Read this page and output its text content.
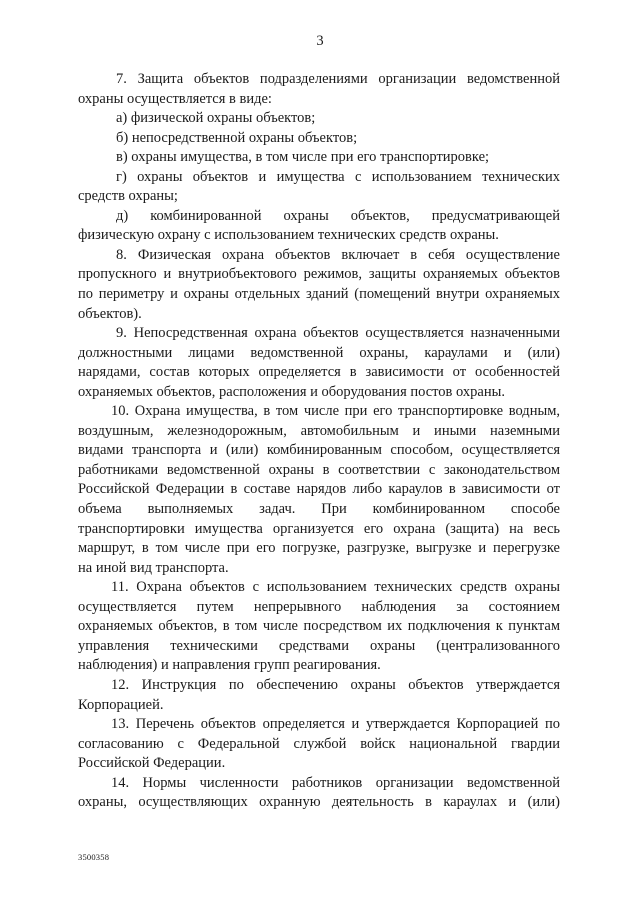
3
7. Защита объектов подразделениями организации ведомственной
охраны осуществляется в виде:
а) физической охраны объектов;
б) непосредственной охраны объектов;
в) охраны имущества, в том числе при его транспортировке;
г) охраны объектов и имущества с использованием технических
средств охраны;
д) комбинированной охраны объектов, предусматривающей
физическую охрану с использованием технических средств охраны.
8. Физическая охрана объектов включает в себя осуществление
пропускного и внутриобъектового режимов, защиты охраняемых объектов
по периметру и охраны отдельных зданий (помещений внутри охраняемых
объектов).
9. Непосредственная охрана объектов осуществляется назначенными
должностными лицами ведомственной охраны, караулами и (или)
нарядами, состав которых определяется в зависимости от особенностей
охраняемых объектов, расположения и оборудования постов охраны.
10. Охрана имущества, в том числе при его транспортировке водным,
воздушным, железнодорожным, автомобильным и иными наземными
видами транспорта и (или) комбинированным способом, осуществляется
работниками ведомственной охраны в соответствии с законодательством
Российской Федерации в составе нарядов либо караулов в зависимости от
объема выполняемых задач. При комбинированном способе
транспортировки имущества организуется его охрана (защита) на весь
маршрут, в том числе при его погрузке, разгрузке, выгрузке и перегрузке
на иной вид транспорта.
11. Охрана объектов с использованием технических средств охраны
осуществляется путем непрерывного наблюдения за состоянием
охраняемых объектов, в том числе посредством их подключения к пунктам
управления техническими средствами охраны (централизованного
наблюдения) и направления групп реагирования.
12. Инструкция по обеспечению охраны объектов утверждается
Корпорацией.
13. Перечень объектов определяется и утверждается Корпорацией по
согласованию с Федеральной службой войск национальной гвардии
Российской Федерации.
14. Нормы численности работников организации ведомственной
охраны, осуществляющих охранную деятельность в караулах и (или)
3500358
